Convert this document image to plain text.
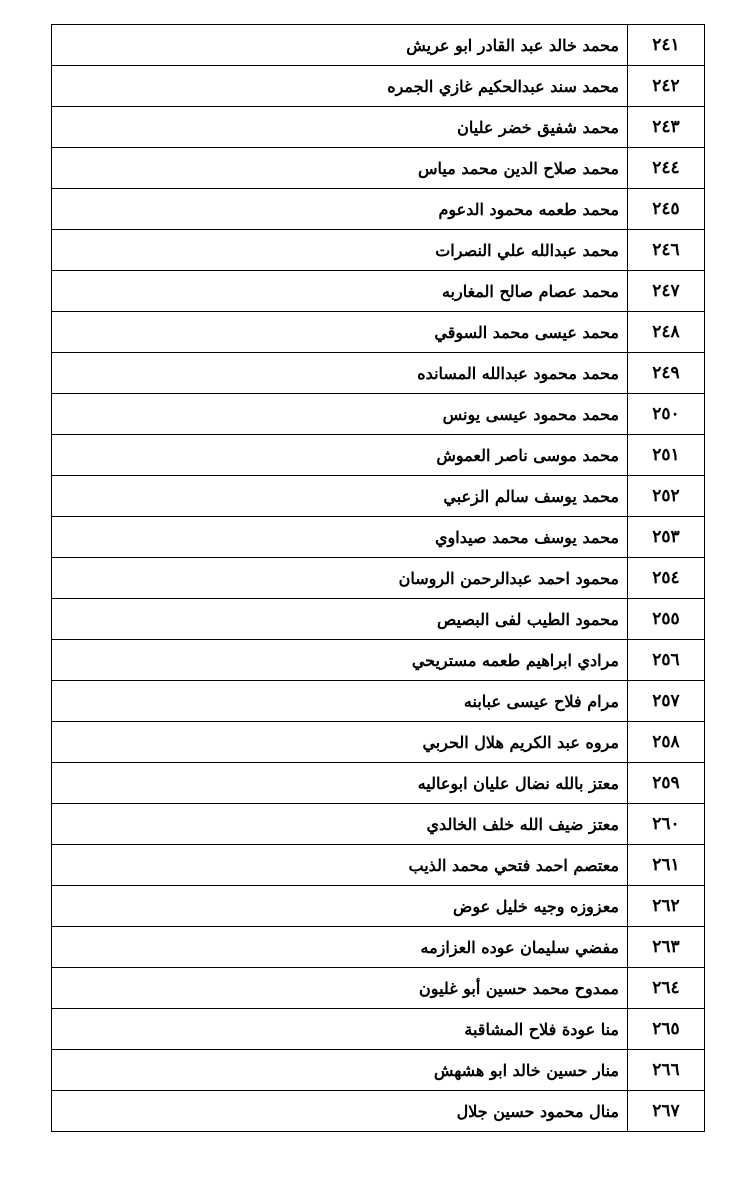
٢٤١	محمد خالد عبد القادر ابو عريش
٢٤٢	محمد سند عبدالحكيم غازي الجمره
٢٤٣	محمد شفيق خضر عليان
٢٤٤	محمد صلاح الدين محمد مياس
٢٤٥	محمد طعمه محمود الدعوم
٢٤٦	محمد عبدالله علي النصرات
٢٤٧	محمد عصام صالح المغاربه
٢٤٨	محمد عيسى محمد السوقي
٢٤٩	محمد محمود عبدالله المسانده
٢٥٠	محمد محمود عيسى يونس
٢٥١	محمد موسى ناصر العموش
٢٥٢	محمد يوسف سالم الزعبي
٢٥٣	محمد يوسف محمد صيداوي
٢٥٤	محمود احمد عبدالرحمن الروسان
٢٥٥	محمود الطيب لفى البصيص
٢٥٦	مرادي ابراهيم طعمه مستريحي
٢٥٧	مرام فلاح عيسى عبابنه
٢٥٨	مروه عبد الكريم هلال الحربي
٢٥٩	معتز بالله نضال عليان ابوعاليه
٢٦٠	معتز ضيف الله خلف الخالدي
٢٦١	معتصم احمد فتحي محمد الذيب
٢٦٢	معزوزه وجيه خليل عوض
٢٦٣	مفضي سليمان عوده العزازمه
٢٦٤	ممدوح محمد حسين أبو غليون
٢٦٥	منا عودة فلاح المشاقبة
٢٦٦	منار حسين خالد ابو هشهش
٢٦٧	منال محمود حسين جلال
